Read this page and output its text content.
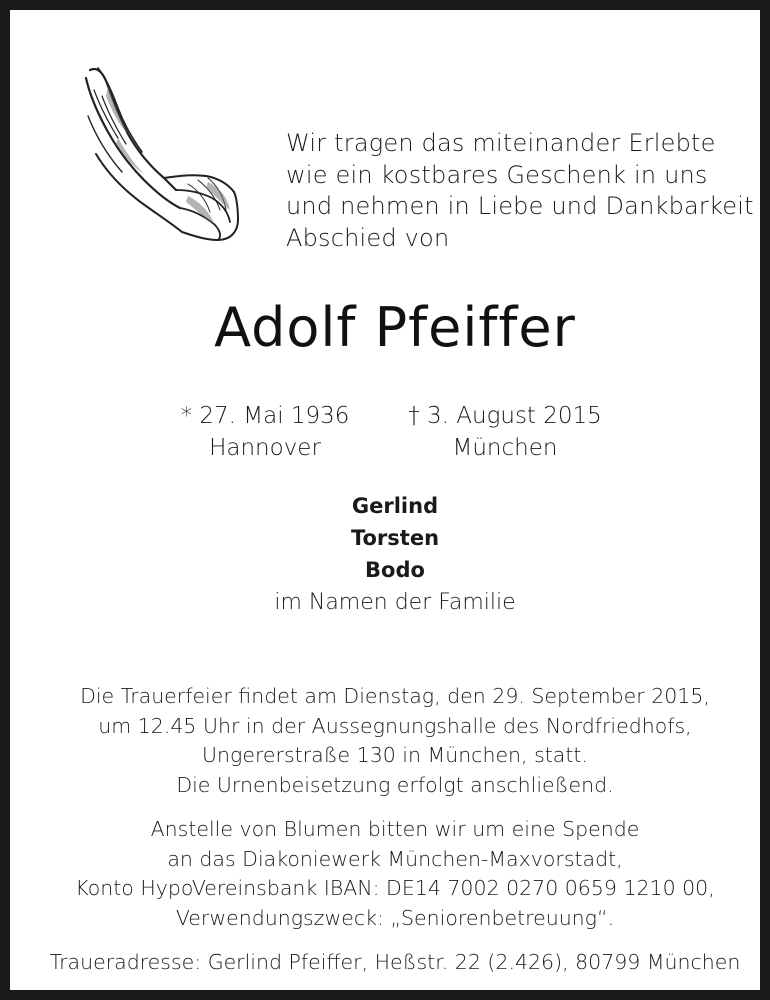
Wir tragen das miteinander Erlebte
wie ein kostbares Geschenk in uns
und nehmen in Liebe und Dankbarkeit
Abschied von
Adolf Pfeiffer
* 27. Mai 1936
Hannover
† 3. August 2015
München
Gerlind
Torsten
Bodo
im Namen der Familie
Die Trauerfeier findet am Dienstag, den 29. September 2015,
um 12.45 Uhr in der Aussegnungshalle des Nordfriedhofs,
Ungererstraße 130 in München, statt.
Die Urnenbeisetzung erfolgt anschließend.
Anstelle von Blumen bitten wir um eine Spende
an das Diakoniewerk München-Maxvorstadt,
Konto HypoVereinsbank IBAN: DE14 7002 0270 0659 1210 00,
Verwendungszweck: „Seniorenbetreuung“.
Traueradresse: Gerlind Pfeiffer, Heßstr. 22 (2.426), 80799 München
